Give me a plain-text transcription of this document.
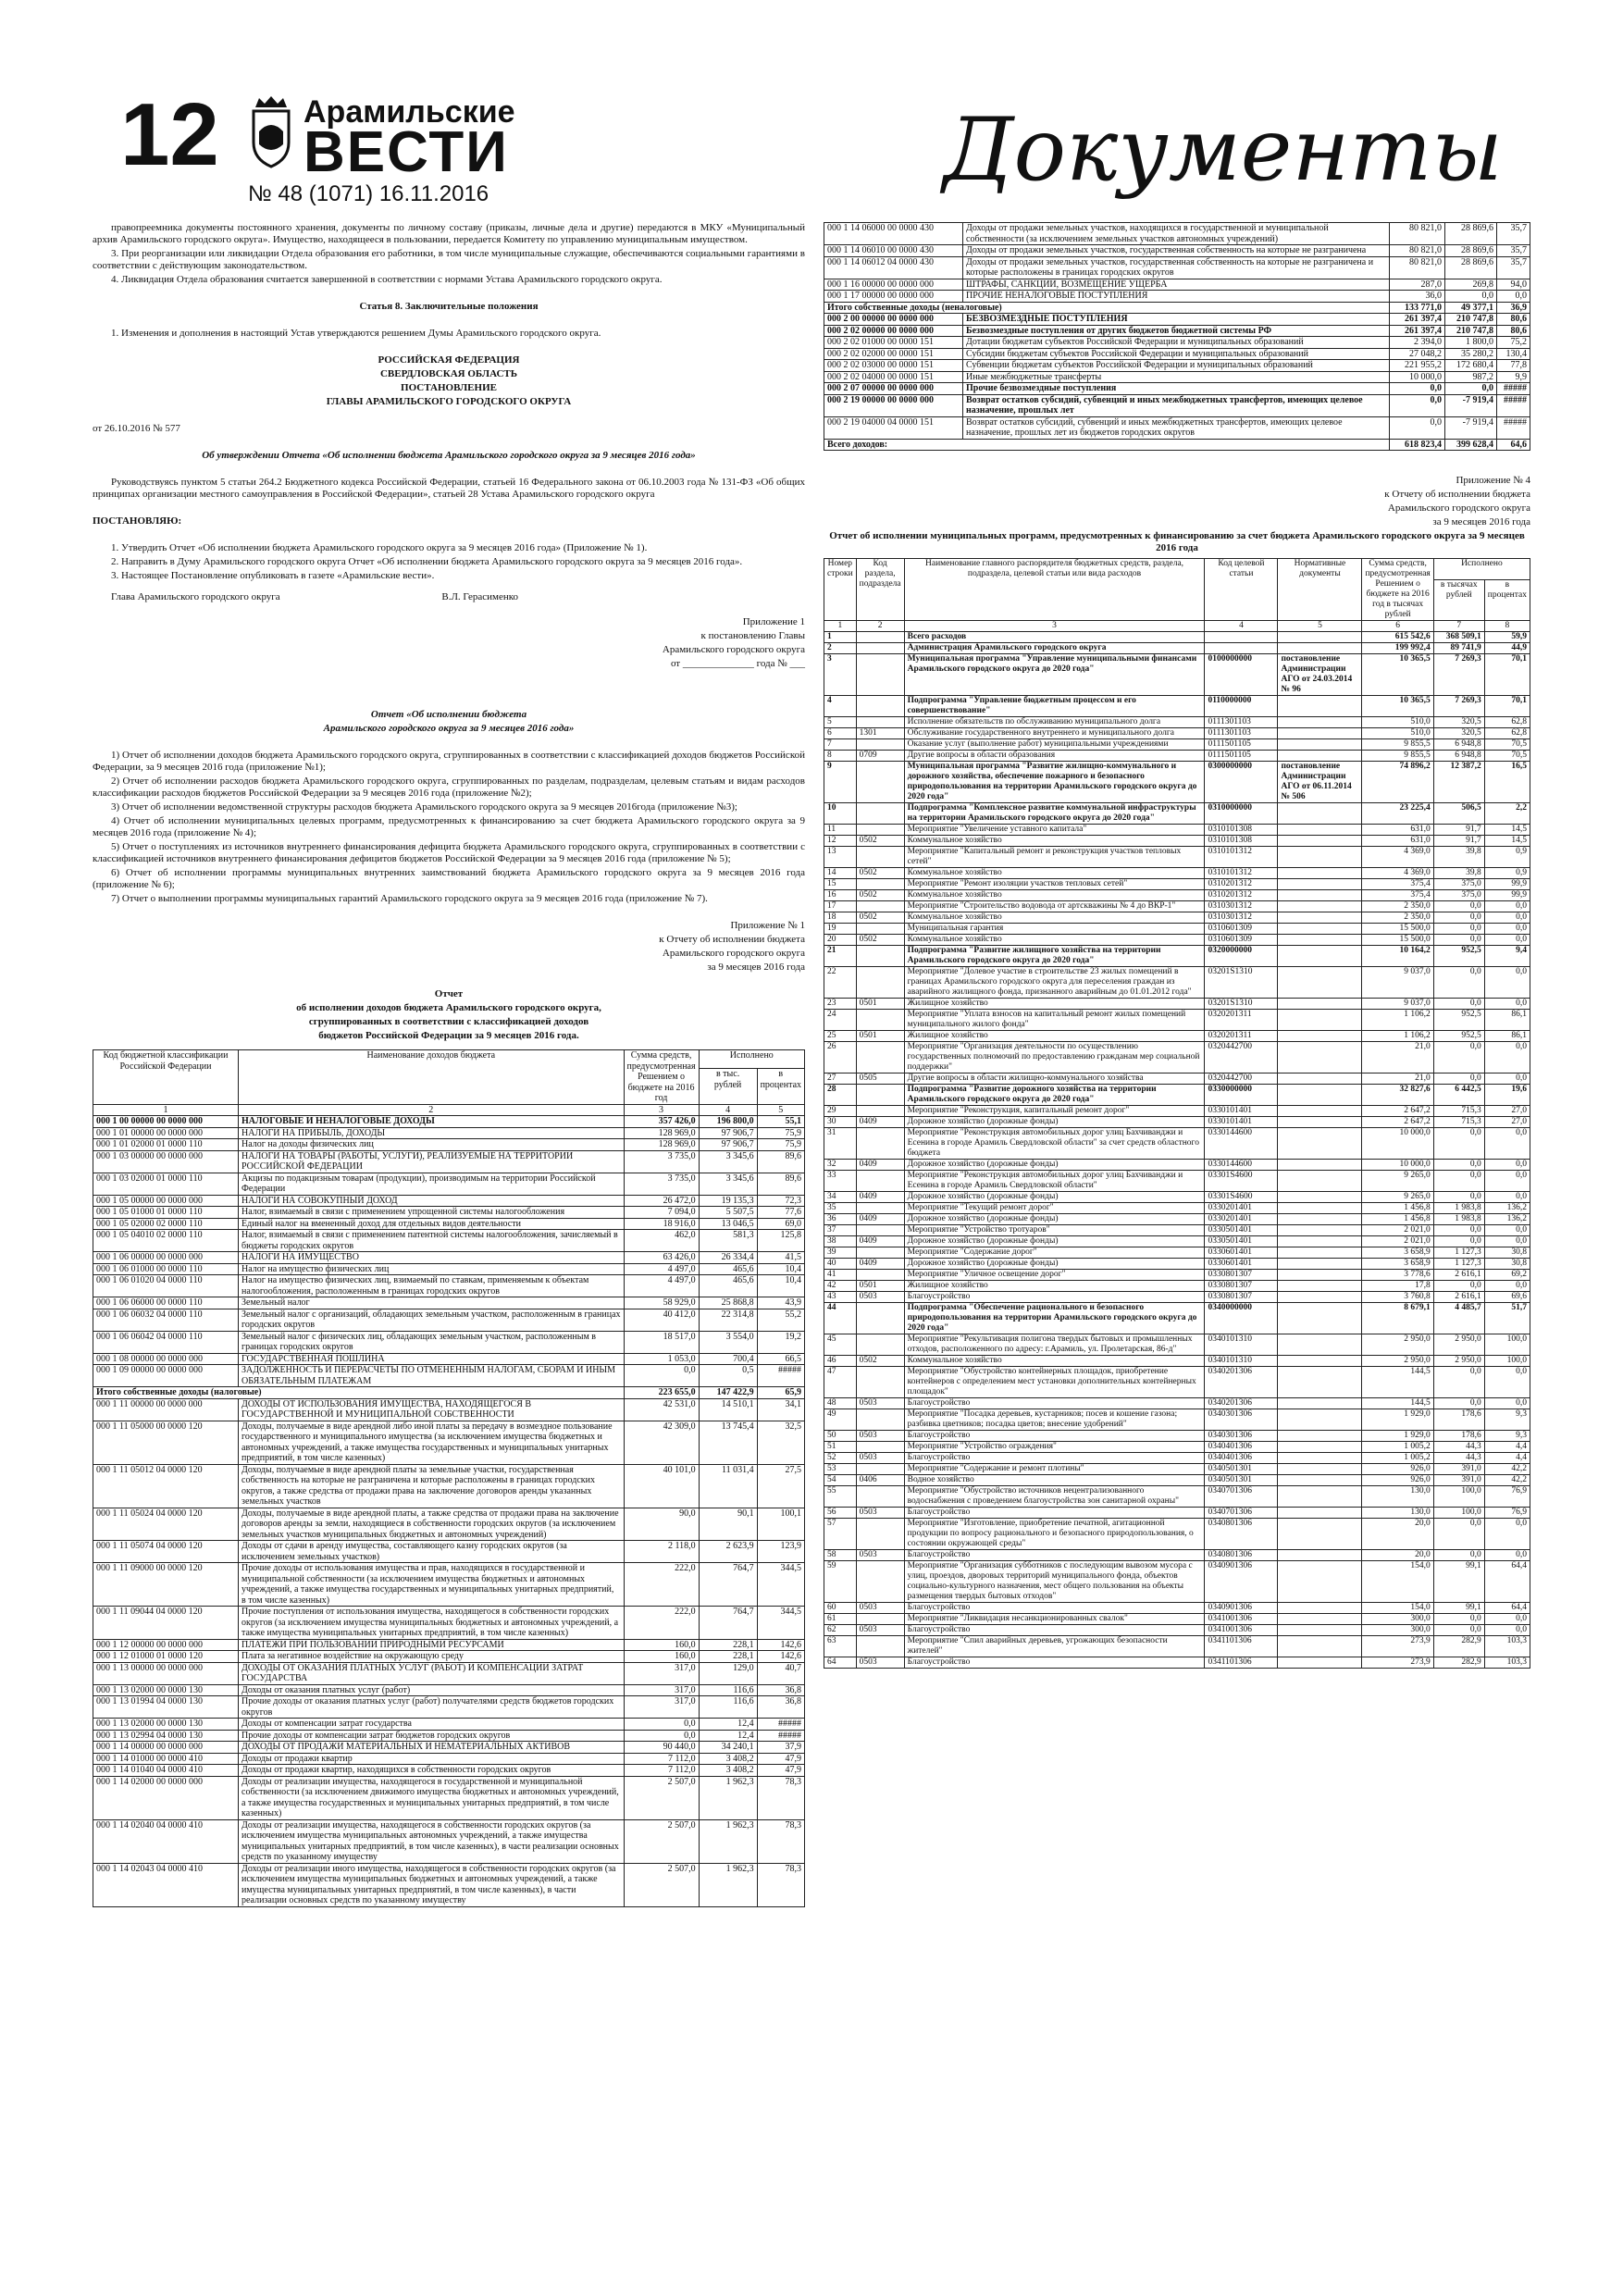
12	Арамильские
ВЕСТИ
№ 48 (1071) 16.11.2016	Документы

правопреемника документы постоянного хранения, документы по личному составу (приказы, личные дела и другие) передаются в МКУ «Муниципальный архив Арамильского городского округа». Имущество, находящееся в пользовании, передается Комитету по управлению муниципальным имуществом.

3. При реорганизации или ликвидации Отдела образования его работники, в том числе муниципальные служащие, обеспечиваются социальными гарантиями в соответствии с действующим законодательством.

4. Ликвидация Отдела образования считается завершенной в соответствии с нормами Устава Арамильского городского округа.

Статья 8. Заключительные положения

1. Изменения и дополнения в настоящий Устав утверждаются решением Думы Арамильского городского округа.

РОССИЙСКАЯ ФЕДЕРАЦИЯ

СВЕРДЛОВСКАЯ ОБЛАСТЬ

ПОСТАНОВЛЕНИЕ

ГЛАВЫ АРАМИЛЬСКОГО ГОРОДСКОГО ОКРУГА

от 26.10.2016 № 577

Об утверждении Отчета «Об исполнении бюджета Арамильского городского округа за 9 месяцев 2016 года»

Руководствуясь пунктом 5 статьи 264.2 Бюджетного кодекса Российской Федерации, статьей 16 Федерального закона от 06.10.2003 года № 131-ФЗ «Об общих принципах организации местного самоуправления в Российской Федерации», статьей 28 Устава Арамильского городского округа

ПОСТАНОВЛЯЮ:

1. Утвердить Отчет «Об исполнении бюджета Арамильского городского округа за 9 месяцев 2016 года» (Приложение № 1).

2. Направить в Думу Арамильского городского округа Отчет «Об исполнении бюджета Арамильского городского округа за 9 месяцев 2016 года».

3. Настоящее Постановление опубликовать в газете «Арамильские вести».

Глава Арамильского городского округа	В.Л. Герасименко

Приложение 1

к постановлению Главы

Арамильского городского округа

от ______________ года № ___

Отчет «Об исполнении бюджета

Арамильского городского округа за 9 месяцев 2016 года»

1) Отчет об исполнении доходов бюджета Арамильского городского округа, сгруппированных в соответствии с классификацией доходов бюджетов Российской Федерации, за 9 месяцев 2016 года (приложение №1);

2) Отчет об исполнении расходов бюджета Арамильского городского округа, сгруппированных по разделам, подразделам, целевым статьям и видам расходов классификации расходов бюджетов Российской Федерации за 9 месяцев 2016 года (приложение №2);

3) Отчет об исполнении ведомственной структуры расходов бюджета Арамильского городского округа за 9 месяцев 2016года (приложение №3);

4) Отчет об исполнении муниципальных целевых программ, предусмотренных к финансированию за счет бюджета Арамильского городского округа за 9 месяцев 2016 года (приложение № 4);

5) Отчет о поступлениях из источников внутреннего финансирования дефицита бюджета Арамильского городского округа, сгруппированных в соответствии с классификацией источников внутреннего финансирования дефицитов бюджетов Российской Федерации за 9 месяцев 2016 года (приложение № 5);

6) Отчет об исполнении программы муниципальных внутренних заимствований бюджета Арамильского городского округа за 9 месяцев 2016 года (приложение № 6);

7) Отчет о выполнении программы муниципальных гарантий Арамильского городского округа за 9 месяцев 2016 года (приложение № 7).

Приложение № 1

к Отчету об исполнении бюджета

Арамильского городского округа

за 9 месяцев 2016 года

Отчет

об исполнении доходов бюджета Арамильского городского округа,

сгруппированных в соответствии с классификацией доходов

бюджетов Российской Федерации за 9 месяцев 2016 года.

Код бюджетной классификации Российской Федерации	Наименование доходов бюджета	Сумма средств, предусмотренная Решением о бюджете на 2016 год	Исполнено	
			в тыс. рублей	в процентах
1	2	3	4	5
000 1 00 00000 00 0000 000	НАЛОГОВЫЕ И НЕНАЛОГОВЫЕ ДОХОДЫ	357 426,0	196 800,0	55,1
000 1 01 00000 00 0000 000	НАЛОГИ НА ПРИБЫЛЬ, ДОХОДЫ	128 969,0	97 906,7	75,9
000 1 01 02000 01 0000 110	Налог на доходы физических лиц	128 969,0	97 906,7	75,9
000 1 03 00000 00 0000 000	НАЛОГИ НА ТОВАРЫ (РАБОТЫ, УСЛУГИ), РЕАЛИЗУЕМЫЕ НА ТЕРРИТОРИИ РОССИЙСКОЙ ФЕДЕРАЦИИ	3 735,0	3 345,6	89,6
000 1 03 02000 01 0000 110	Акцизы по подакцизным товарам (продукции), производимым на территории Российской Федерации	3 735,0	3 345,6	89,6
000 1 05 00000 00 0000 000	НАЛОГИ НА СОВОКУПНЫЙ ДОХОД	26 472,0	19 135,3	72,3
000 1 05 01000 01 0000 110	Налог, взимаемый в связи с применением упрощенной системы налогообложения	7 094,0	5 507,5	77,6
000 1 05 02000 02 0000 110	Единый налог на вмененный доход для отдельных видов деятельности	18 916,0	13 046,5	69,0
000 1 05 04010 02 0000 110	Налог, взимаемый в связи с применением патентной системы налогообложения, зачисляемый в бюджеты городских округов	462,0	581,3	125,8
000 1 06 00000 00 0000 000	НАЛОГИ НА ИМУЩЕСТВО	63 426,0	26 334,4	41,5
000 1 06 01000 00 0000 110	Налог на имущество физических лиц	4 497,0	465,6	10,4
000 1 06 01020 04 0000 110	Налог на имущество физических лиц, взимаемый по ставкам, применяемым к объектам налогообложения, расположенным в границах городских округов	4 497,0	465,6	10,4
000 1 06 06000 00 0000 110	Земельный налог	58 929,0	25 868,8	43,9
000 1 06 06032 04 0000 110	Земельный налог с организаций, обладающих земельным участком, расположенным в границах городских округов	40 412,0	22 314,8	55,2
000 1 06 06042 04 0000 110	Земельный налог с физических лиц, обладающих земельным участком, расположенным в границах городских округов	18 517,0	3 554,0	19,2
000 1 08 00000 00 0000 000	ГОСУДАРСТВЕННАЯ ПОШЛИНА	1 053,0	700,4	66,5
000 1 09 00000 00 0000 000	ЗАДОЛЖЕННОСТЬ И ПЕРЕРАСЧЕТЫ ПО ОТМЕНЕННЫМ НАЛОГАМ, СБОРАМ И ИНЫМ ОБЯЗАТЕЛЬНЫМ ПЛАТЕЖАМ	0,0	0,5	#####
Итого собственные доходы (налоговые)		223 655,0	147 422,9	65,9
000 1 11 00000 00 0000 000	ДОХОДЫ ОТ ИСПОЛЬЗОВАНИЯ ИМУЩЕСТВА, НАХОДЯЩЕГОСЯ В ГОСУДАРСТВЕННОЙ И МУНИЦИПАЛЬНОЙ СОБСТВЕННОСТИ	42 531,0	14 510,1	34,1
000 1 11 05000 00 0000 120	Доходы, получаемые в виде арендной либо иной платы за передачу в возмездное пользование государственного и муниципального имущества (за исключением имущества бюджетных и автономных учреждений, а также имущества государственных и муниципальных унитарных предприятий, в том числе казенных)	42 309,0	13 745,4	32,5
000 1 11 05012 04 0000 120	Доходы, получаемые в виде арендной платы за земельные участки, государственная собственность на которые не разграничена и которые расположены в границах городских округов, а также средства от продажи права на заключение договоров аренды указанных земельных участков	40 101,0	11 031,4	27,5
000 1 11 05024 04 0000 120	Доходы, получаемые в виде арендной платы, а также средства от продажи права на заключение договоров аренды за земли, находящиеся в собственности городских округов (за исключением земельных участков муниципальных бюджетных и автономных учреждений)	90,0	90,1	100,1
000 1 11 05074 04 0000 120	Доходы от сдачи в аренду имущества, составляющего казну городских округов (за исключением земельных участков)	2 118,0	2 623,9	123,9
000 1 11 09000 00 0000 120	Прочие доходы от использования имущества и прав, находящихся в государственной и муниципальной собственности (за исключением имущества бюджетных и автономных учреждений, а также имущества государственных и муниципальных унитарных предприятий, в том числе казенных)	222,0	764,7	344,5
000 1 11 09044 04 0000 120	Прочие поступления от использования имущества, находящегося в собственности городских округов (за исключением имущества муниципальных бюджетных и автономных учреждений, а также имущества муниципальных унитарных предприятий, в том числе казенных)	222,0	764,7	344,5
000 1 12 00000 00 0000 000	ПЛАТЕЖИ ПРИ ПОЛЬЗОВАНИИ ПРИРОДНЫМИ РЕСУРСАМИ	160,0	228,1	142,6
000 1 12 01000 01 0000 120	Плата за негативное воздействие на окружающую среду	160,0	228,1	142,6
000 1 13 00000 00 0000 000	ДОХОДЫ ОТ ОКАЗАНИЯ ПЛАТНЫХ УСЛУГ (РАБОТ) И КОМПЕНСАЦИИ ЗАТРАТ ГОСУДАРСТВА	317,0	129,0	40,7
000 1 13 02000 00 0000 130	Доходы от оказания платных услуг (работ)	317,0	116,6	36,8
000 1 13 01994 04 0000 130	Прочие доходы от оказания платных услуг (работ) получателями средств бюджетов городских округов	317,0	116,6	36,8
000 1 13 02000 00 0000 130	Доходы от компенсации затрат государства	0,0	12,4	#####
000 1 13 02994 04 0000 130	Прочие доходы от компенсации затрат бюджетов городских округов	0,0	12,4	#####
000 1 14 00000 00 0000 000	ДОХОДЫ ОТ ПРОДАЖИ МАТЕРИАЛЬНЫХ И НЕМАТЕРИАЛЬНЫХ АКТИВОВ	90 440,0	34 240,1	37,9
000 1 14 01000 00 0000 410	Доходы от продажи квартир	7 112,0	3 408,2	47,9
000 1 14 01040 04 0000 410	Доходы от продажи квартир, находящихся в собственности городских округов	7 112,0	3 408,2	47,9
000 1 14 02000 00 0000 000	Доходы от реализации имущества, находящегося в государственной и муниципальной собственности (за исключением движимого имущества бюджетных и автономных учреждений, а также имущества государственных и муниципальных унитарных предприятий, в том числе казенных)	2 507,0	1 962,3	78,3
000 1 14 02040 04 0000 410	Доходы от реализации имущества, находящегося в собственности городских округов (за исключением имущества муниципальных автономных учреждений, а также имущества муниципальных унитарных предприятий, в том числе казенных), в части реализации основных средств по указанному имуществу	2 507,0	1 962,3	78,3
000 1 14 02043 04 0000 410	Доходы от реализации иного имущества, находящегося в собственности городских округов (за исключением имущества муниципальных бюджетных и автономных учреждений, а также имущества муниципальных унитарных предприятий, в том числе казенных), в части реализации основных средств по указанному имуществу	2 507,0	1 962,3	78,3
000 1 14 06000 00 0000 430	Доходы от продажи земельных участков, находящихся в государственной и муниципальной собственности (за исключением земельных участков автономных учреждений)	80 821,0	28 869,6	35,7
000 1 14 06010 00 0000 430	Доходы от продажи земельных участков, государственная собственность на которые не разграничена	80 821,0	28 869,6	35,7
000 1 14 06012 04 0000 430	Доходы от продажи земельных участков, государственная собственность на которые не разграничена и которые расположены в границах городских округов	80 821,0	28 869,6	35,7
000 1 16 00000 00 0000 000	ШТРАФЫ, САНКЦИИ, ВОЗМЕЩЕНИЕ УЩЕРБА	287,0	269,8	94,0
000 1 17 00000 00 0000 000	ПРОЧИЕ НЕНАЛОГОВЫЕ ПОСТУПЛЕНИЯ	36,0	0,0	0,0
Итого собственные доходы (неналоговые)		133 771,0	49 377,1	36,9
000 2 00 00000 00 0000 000	БЕЗВОЗМЕЗДНЫЕ ПОСТУПЛЕНИЯ	261 397,4	210 747,8	80,6
000 2 02 00000 00 0000 000	Безвозмездные поступления от других бюджетов бюджетной системы РФ	261 397,4	210 747,8	80,6
000 2 02 01000 00 0000 151	Дотации бюджетам субъектов Российской Федерации и муниципальных образований	2 394,0	1 800,0	75,2
000 2 02 02000 00 0000 151	Субсидии бюджетам субъектов Российской Федерации и муниципальных образований	27 048,2	35 280,2	130,4
000 2 02 03000 00 0000 151	Субвенции бюджетам субъектов Российской Федерации и муниципальных образований	221 955,2	172 680,4	77,8
000 2 02 04000 00 0000 151	Иные межбюджетные трансферты	10 000,0	987,2	9,9
000 2 07 00000 00 0000 000	Прочие безвозмездные поступления	0,0	0,0	#####
000 2 19 00000 00 0000 000	Возврат остатков субсидий, субвенций и иных межбюджетных трансфертов, имеющих целевое назначение, прошлых лет	0,0	-7 919,4	#####
000 2 19 04000 04 0000 151	Возврат остатков субсидий, субвенций и иных межбюджетных трансфертов, имеющих целевое назначение, прошлых лет из бюджетов городских округов	0,0	-7 919,4	#####
Всего доходов:		618 823,4	399 628,4	64,6

Приложение № 4

к Отчету об исполнении бюджета

Арамильского городского округа

за 9 месяцев 2016 года

Отчет об исполнении муниципальных программ, предусмотренных к финансированию за счет бюджета Арамильского городского округа за 9 месяцев 2016 года

Номер строки	Код раздела, подраздела	Наименование главного распорядителя бюджетных средств, раздела, подраздела, целевой статьи или вида расходов	Код целевой статьи	Нормативные документы	Сумма средств, предусмотренная Решением о бюджете на 2016 год в тысячах рублей	Исполнено	
						в тысячах рублей	в процентах
1	2	3	4	5	6	7	8
1		Всего расходов			615 542,6	368 509,1	59,9
2		Администрация Арамильского городского округа			199 992,4	89 741,9	44,9
3		Муниципальная программа "Управление муниципальными финансами Арамильского городского округа до 2020 года"	0100000000	постановление Администрации АГО от 24.03.2014 № 96	10 365,5	7 269,3	70,1
4		Подпрограмма "Управление бюджетным процессом и его совершенствование"	0110000000		10 365,5	7 269,3	70,1
5		Исполнение обязательств по обслуживанию муниципального долга	0111301103		510,0	320,5	62,8
6	1301	Обслуживание государственного внутреннего и муниципального долга	0111301103		510,0	320,5	62,8
7		Оказание услуг (выполнение работ) муниципальными учреждениями	0111501105		9 855,5	6 948,8	70,5
8	0709	Другие вопросы в области образования	0111501105		9 855,5	6 948,8	70,5
9		Муниципальная программа "Развитие жилищно-коммунального и дорожного хозяйства, обеспечение пожарного и безопасного природопользования на территории Арамильского городского округа до 2020 года"	0300000000	постановление Администрации АГО от 06.11.2014 № 506	74 896,2	12 387,2	16,5
10		Подпрограмма "Комплексное развитие коммунальной инфраструктуры на территории Арамильского городского округа до 2020 года"	0310000000		23 225,4	506,5	2,2
11		Мероприятие "Увеличение уставного капитала"	0310101308		631,0	91,7	14,5
12	0502	Коммунальное хозяйство	0310101308		631,0	91,7	14,5
13		Мероприятие "Капитальный ремонт и реконструкция участков тепловых сетей"	0310101312		4 369,0	39,8	0,9
14	0502	Коммунальное хозяйство	0310101312		4 369,0	39,8	0,9
15		Мероприятие "Ремонт изоляции участков тепловых сетей"	0310201312		375,4	375,0	99,9
16	0502	Коммунальное хозяйство	0310201312		375,4	375,0	99,9
17		Мероприятие "Строительство водовода от артскважины № 4 до ВКР-1"	0310301312		2 350,0	0,0	0,0
18	0502	Коммунальное хозяйство	0310301312		2 350,0	0,0	0,0
19		Муниципальная гарантия	0310601309		15 500,0	0,0	0,0
20	0502	Коммунальное хозяйство	0310601309		15 500,0	0,0	0,0
21		Подпрограмма "Развитие жилищного хозяйства на территории Арамильского городского округа до 2020 года"	0320000000		10 164,2	952,5	9,4
22		Мероприятие "Долевое участие в строительстве 23 жилых помещений в границах Арамильского городского округа для переселения граждан из аварийного жилищного фонда, признанного аварийным до 01.01.2012 года"	03201S1310		9 037,0	0,0	0,0
23	0501	Жилищное хозяйство	03201S1310		9 037,0	0,0	0,0
24		Мероприятие "Уплата взносов на капитальный ремонт жилых помещений муниципального жилого фонда"	0320201311		1 106,2	952,5	86,1
25	0501	Жилищное хозяйство	0320201311		1 106,2	952,5	86,1
26		Мероприятие "Организация деятельности по осуществлению государственных полномочий по предоставлению гражданам мер социальной поддержки"	0320442700		21,0	0,0	0,0
27	0505	Другие вопросы в области жилищно-коммунального хозяйства	0320442700		21,0	0,0	0,0
28		Подпрограмма "Развитие дорожного хозяйства на территории Арамильского городского округа до 2020 года"	0330000000		32 827,6	6 442,5	19,6
29		Мероприятие "Реконструкция, капитальный ремонт дорог"	0330101401		2 647,2	715,3	27,0
30	0409	Дорожное хозяйство (дорожные фонды)	0330101401		2 647,2	715,3	27,0
31		Мероприятие "Реконструкция автомобильных дорог улиц Бахчиванджи и Есенина в городе Арамиль Свердловской области" за счет средств областного бюджета	0330144600		10 000,0	0,0	0,0
32	0409	Дорожное хозяйство (дорожные фонды)	0330144600		10 000,0	0,0	0,0
33		Мероприятие "Реконструкция автомобильных дорог улиц Бахчиванджи и Есенина в городе Арамиль Свердловской области"	03301S4600		9 265,0	0,0	0,0
34	0409	Дорожное хозяйство (дорожные фонды)	03301S4600		9 265,0	0,0	0,0
35		Мероприятие "Текущий ремонт дорог"	0330201401		1 456,8	1 983,8	136,2
36	0409	Дорожное хозяйство (дорожные фонды)	0330201401		1 456,8	1 983,8	136,2
37		Мероприятие "Устройство тротуаров"	0330501401		2 021,0	0,0	0,0
38	0409	Дорожное хозяйство (дорожные фонды)	0330501401		2 021,0	0,0	0,0
39		Мероприятие "Содержание дорог"	0330601401		3 658,9	1 127,3	30,8
40	0409	Дорожное хозяйство (дорожные фонды)	0330601401		3 658,9	1 127,3	30,8
41		Мероприятие "Уличное освещение дорог"	0330801307		3 778,6	2 616,1	69,2
42	0501	Жилищное хозяйство	0330801307		17,8	0,0	0,0
43	0503	Благоустройство	0330801307		3 760,8	2 616,1	69,6
44		Подпрограмма "Обеспечение рационального и безопасного природопользования на территории Арамильского городского округа до 2020 года"	0340000000		8 679,1	4 485,7	51,7
45		Мероприятие "Рекультивация полигона твердых бытовых и промышленных отходов, расположенного по адресу: г.Арамиль, ул. Пролетарская, 86-д"	0340101310		2 950,0	2 950,0	100,0
46	0502	Коммунальное хозяйство	0340101310		2 950,0	2 950,0	100,0
47		Мероприятие "Обустройство контейнерных площадок, приобретение контейнеров с определением мест установки дополнительных контейнерных площадок"	0340201306		144,5	0,0	0,0
48	0503	Благоустройство	0340201306		144,5	0,0	0,0
49		Мероприятие "Посадка деревьев, кустарников; посев и кошение газона; разбивка цветников; посадка цветов; внесение удобрений"	0340301306		1 929,0	178,6	9,3
50	0503	Благоустройство	0340301306		1 929,0	178,6	9,3
51		Мероприятие "Устройство ограждения"	0340401306		1 005,2	44,3	4,4
52	0503	Благоустройство	0340401306		1 005,2	44,3	4,4
53		Мероприятие "Содержание и ремонт плотины"	0340501301		926,0	391,0	42,2
54	0406	Водное хозяйство	0340501301		926,0	391,0	42,2
55		Мероприятие "Обустройство источников нецентрализованного водоснабжения с проведением благоустройства зон санитарной охраны"	0340701306		130,0	100,0	76,9
56	0503	Благоустройство	0340701306		130,0	100,0	76,9
57		Мероприятие "Изготовление, приобретение печатной, агитационной продукции по вопросу рационального и безопасного природопользования, о состоянии окружающей среды"	0340801306		20,0	0,0	0,0
58	0503	Благоустройство	0340801306		20,0	0,0	0,0
59		Мероприятие "Организация субботников с последующим вывозом мусора с улиц, проездов, дворовых территорий муниципального фонда, объектов социально-культурного назначения, мест общего пользования на объекты размещения твердых бытовых отходов"	0340901306		154,0	99,1	64,4
60	0503	Благоустройство	0340901306		154,0	99,1	64,4
61		Мероприятие "Ликвидация несанкционированных свалок"	0341001306		300,0	0,0	0,0
62	0503	Благоустройство	0341001306		300,0	0,0	0,0
63		Мероприятие "Спил аварийных деревьев, угрожающих безопасности жителей"	0341101306		273,9	282,9	103,3
64	0503	Благоустройство	0341101306		273,9	282,9	103,3
